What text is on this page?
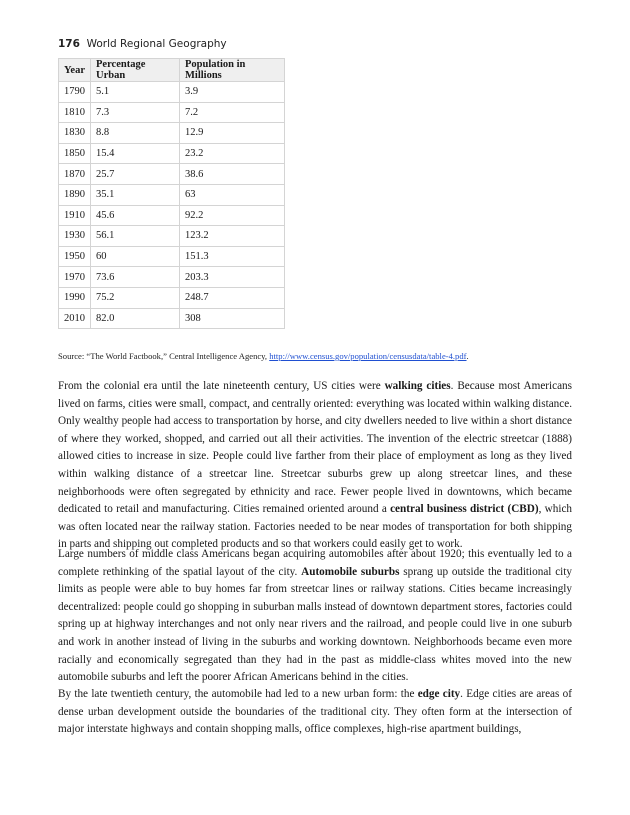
176 World Regional Geography
Year	Percentage Urban	Population in Millions
1790	5.1	3.9
1810	7.3	7.2
1830	8.8	12.9
1850	15.4	23.2
1870	25.7	38.6
1890	35.1	63
1910	45.6	92.2
1930	56.1	123.2
1950	60	151.3
1970	73.6	203.3
1990	75.2	248.7
2010	82.0	308
Source: “The World Factbook,” Central Intelligence Agency, http://www.census.gov/population/censusdata/table-4.pdf.

From the colonial era until the late nineteenth century, US cities were walking cities. Because most Americans lived on farms, cities were small, compact, and centrally oriented: everything was located within walking distance. Only wealthy people had access to transportation by horse, and city dwellers needed to live within a short distance of where they worked, shopped, and carried out all their activities. The invention of the electric streetcar (1888) allowed cities to increase in size. People could live farther from their place of employment as long as they lived within walking distance of a streetcar line. Streetcar suburbs grew up along streetcar lines, and these neighborhoods were often segregated by ethnicity and race. Fewer people lived in downtowns, which became dedicated to retail and manufacturing. Cities remained oriented around a central business district (CBD), which was often located near the railway station. Factories needed to be near modes of transportation for both shipping in parts and shipping out completed products and so that workers could easily get to work.

Large numbers of middle class Americans began acquiring automobiles after about 1920; this eventually led to a complete rethinking of the spatial layout of the city. Automobile suburbs sprang up outside the traditional city limits as people were able to buy homes far from streetcar lines or railway stations. Cities became increasingly decentralized: people could go shopping in suburban malls instead of downtown department stores, factories could spring up at highway interchanges and not only near rivers and the railroad, and people could live in one suburb and work in another instead of living in the suburbs and working downtown. Neighborhoods became even more racially and economically segregated than they had in the past as middle-class whites moved into the new automobile suburbs and left the poorer African Americans behind in the cities.

By the late twentieth century, the automobile had led to a new urban form: the edge city. Edge cities are areas of dense urban development outside the boundaries of the traditional city. They often form at the intersection of major interstate highways and contain shopping malls, office complexes, high-rise apartment buildings,
